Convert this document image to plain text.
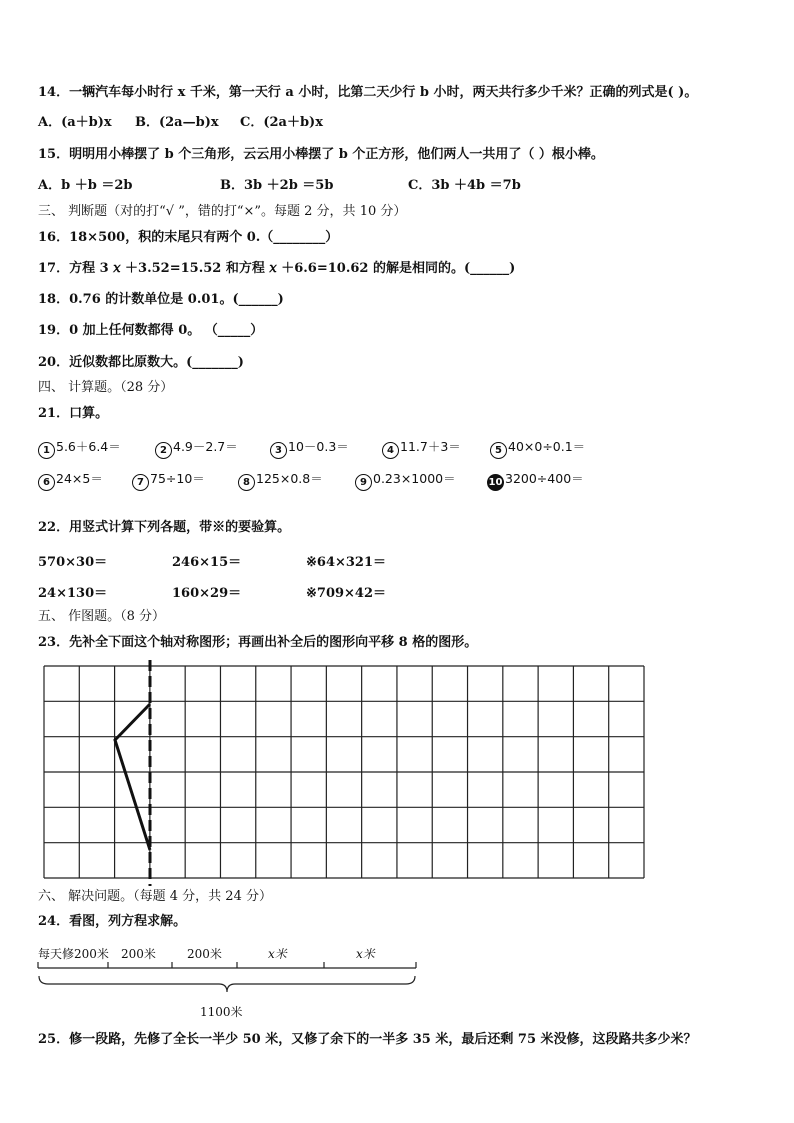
14．一辆汽车每小时行 x 千米，第一天行 a 小时，比第二天少行 b 小时，两天共行多少千米？正确的列式是( )。
A．(a＋b)x B．(2a—b)x C．(2a＋b)x
15．明明用小棒摆了 b 个三角形，云云用小棒摆了 b 个正方形，他们两人一共用了（ ）根小棒。
A．b ＋b ＝2b	B．3b ＋2b ＝5b	C．3b ＋4b ＝7b
三、 判断题（对的打“√ ”，错的打“×”。每题 2 分，共 10 分）
16．18×500，积的末尾只有两个 0.（________）
17．方程 3 𝑥 ＋3.52=15.52 和方程 𝑥 ＋6.6=10.62 的解是相同的。(______)
18．0.76 的计数单位是 0.01。(______)
19．0 加上任何数都得 0。 （_____）
20．近似数都比原数大。(_______)
四、 计算题。（28 分）
21．口算。
1 5.6＋6.4＝	2 4.9－2.7＝	3 10－0.3＝	4 11.7＋3＝	5 40×0÷0.1＝
6 24×5＝	7 75÷10＝	8 125×0.8＝	9 0.23×1000＝	10 3200÷400＝
22．用竖式计算下列各题，带※的要验算。
570×30＝	246×15＝	※64×321＝
24×130＝	160×29＝	※709×42＝
五、 作图题。（8 分）
23．先补全下面这个轴对称图形；再画出补全后的图形向平移 8 格的图形。
六、 解决问题。（每题 4 分，共 24 分）
24．看图，列方程求解。
每天修200米 200米	200米	x米	x米
1100米
25．修一段路，先修了全长一半少 50 米，又修了余下的一半多 35 米，最后还剩 75 米没修，这段路共多少米？
